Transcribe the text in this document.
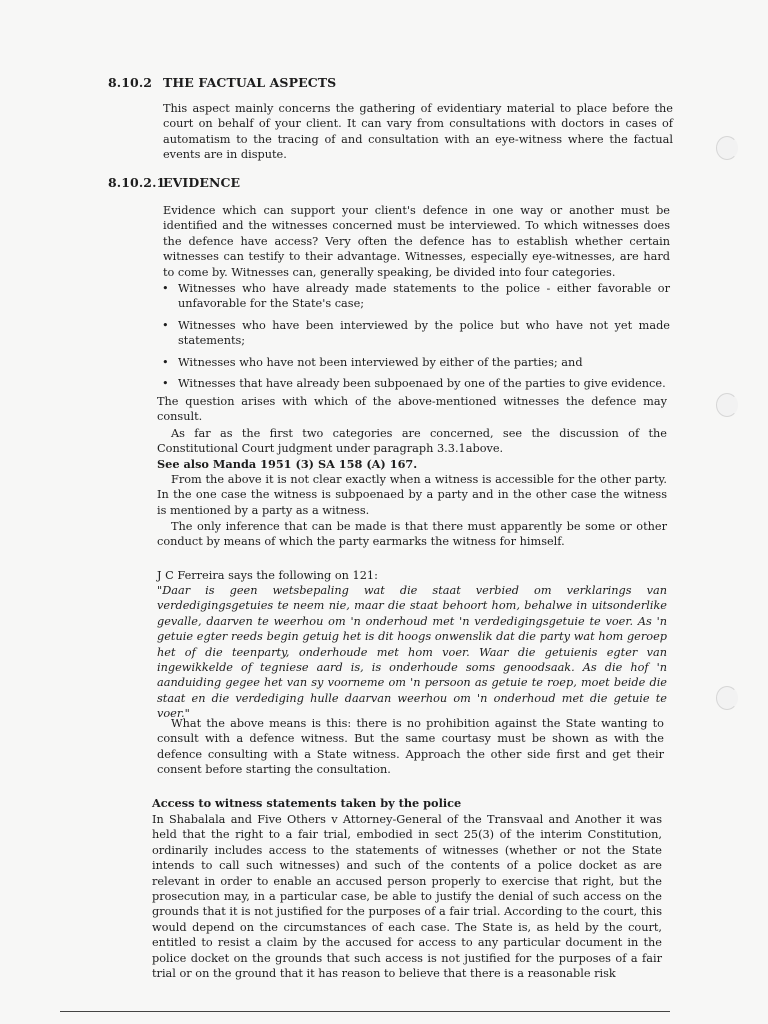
8.10.2 THE FACTUAL ASPECTS
This aspect mainly concerns the gathering of evidentiary material to place before the court on behalf of your client. It can vary from consultations with doctors in cases of automatism to the tracing of and consultation with an eye-witness where the factual events are in dispute.
8.10.2.1EVIDENCE
Evidence which can support your client's defence in one way or another must be identified and the witnesses concerned must be interviewed. To which witnesses does the defence have access? Very often the defence has to establish whether certain witnesses can testify to their advantage. Witnesses, especially eye-witnesses, are hard to come by. Witnesses can, generally speaking, be divided into four categories.
• Witnesses who have already made statements to the police - either favorable or unfavorable for the State's case;
• Witnesses who have been interviewed by the police but who have not yet made statements;
• Witnesses who have not been interviewed by either of the parties; and
• Witnesses that have already been subpoenaed by one of the parties to give evidence.
The question arises with which of the above-mentioned witnesses the defence may consult.
As far as the first two categories are concerned, see the discussion of the Constitutional Court judgment under paragraph 3.3.1above.
See also Manda 1951 (3) SA 158 (A) 167.
From the above it is not clear exactly when a witness is accessible for the other party. In the one case the witness is subpoenaed by a party and in the other case the witness is mentioned by a party as a witness.
The only inference that can be made is that there must apparently be some or other conduct by means of which the party earmarks the witness for himself.
J C Ferreira says the following on 121:
"Daar is geen wetsbepaling wat die staat verbied om verklarings van verdedigingsgetuies te neem nie, maar die staat behoort hom, behalwe in uitsonderlike gevalle, daarven te weerhou om 'n onderhoud met 'n verdedigingsgetuie te voer. As 'n getuie egter reeds begin getuig het is dit hoogs onwenslik dat die party wat hom geroep het of die teenparty, onderhoude met hom voer. Waar die getuienis egter van ingewikkelde of tegniese aard is, is onderhoude soms genoodsaak. As die hof 'n aanduiding gegee het van sy voorneme om 'n persoon as getuie te roep, moet beide die staat en die verdediging hulle daarvan weerhou om 'n onderhoud met die getuie te voer."
What the above means is this: there is no prohibition against the State wanting to consult with a defence witness. But the same courtasy must be shown as with the defence consulting with a State witness. Approach the other side first and get their consent before starting the consultation.
Access to witness statements taken by the police
In Shabalala and Five Others v Attorney-General of the Transvaal and Another it was held that the right to a fair trial, embodied in sect 25(3) of the interim Constitution, ordinarily includes access to the statements of witnesses (whether or not the State intends to call such witnesses) and such of the contents of a police docket as are relevant in order to enable an accused person properly to exercise that right, but the prosecution may, in a particular case, be able to justify the denial of such access on the grounds that it is not justified for the purposes of a fair trial. According to the court, this would depend on the circumstances of each case. The State is, as held by the court, entitled to resist a claim by the accused for access to any particular document in the police docket on the grounds that such access is not justified for the purposes of a fair trial or on the ground that it has reason to believe that there is a reasonable risk
